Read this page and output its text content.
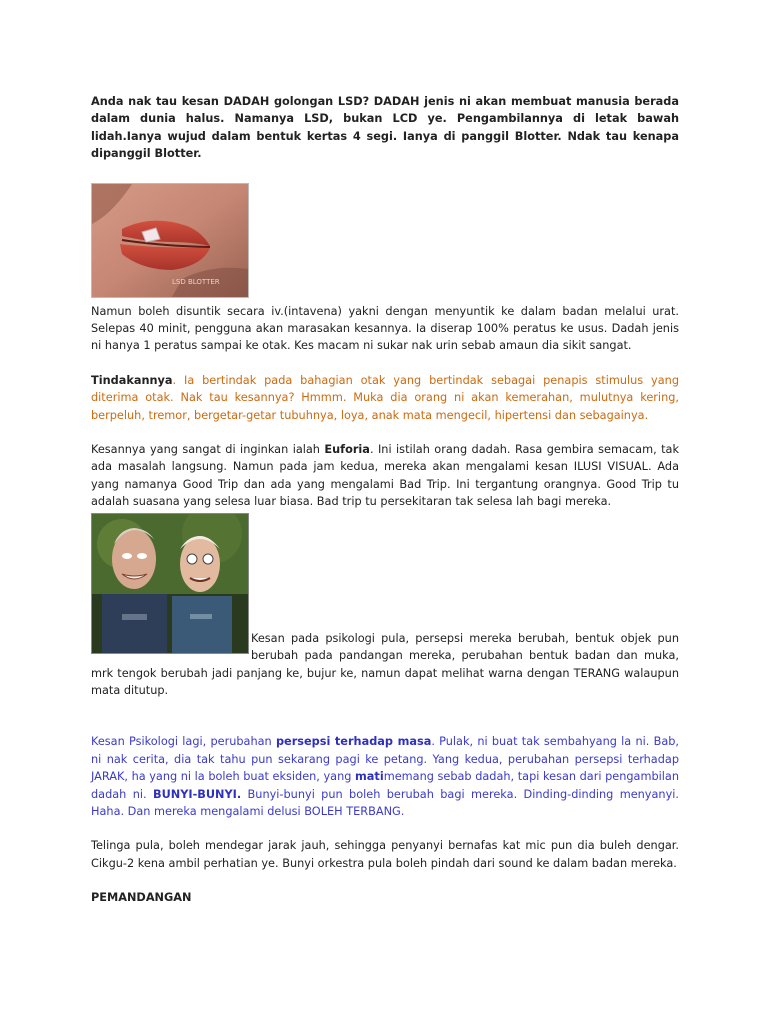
Anda nak tau kesan DADAH golongan LSD? DADAH jenis ni akan membuat manusia berada dalam dunia halus. Namanya LSD, bukan LCD ye. Pengambilannya di letak bawah lidah.Ianya wujud dalam bentuk kertas 4 segi. Ianya di panggil Blotter. Ndak tau kenapa dipanggil Blotter.

LSD BLOTTER

Namun boleh disuntik secara iv.(intavena) yakni dengan menyuntik ke dalam badan melalui urat. Selepas 40 minit, pengguna akan marasakan kesannya. Ia diserap 100% peratus ke usus. Dadah jenis ni hanya 1 peratus sampai ke otak. Kes macam ni sukar nak urin sebab amaun dia sikit sangat.

Tindakannya. Ia bertindak pada bahagian otak yang bertindak sebagai penapis stimulus yang diterima otak. Nak tau kesannya? Hmmm. Muka dia orang ni akan kemerahan, mulutnya kering, berpeluh, tremor, bergetar-getar tubuhnya, loya, anak mata mengecil, hipertensi dan sebagainya.

Kesannya yang sangat di inginkan ialah Euforia. Ini istilah orang dadah. Rasa gembira semacam, tak ada masalah langsung. Namun pada jam kedua, mereka akan mengalami kesan ILUSI VISUAL. Ada yang namanya Good Trip dan ada yang mengalami Bad Trip. Ini tergantung orangnya. Good Trip tu adalah suasana yang selesa luar biasa. Bad trip tu persekitaran tak selesa lah bagi mereka.

Kesan pada psikologi pula, persepsi mereka berubah, bentuk objek pun berubah pada pandangan mereka, perubahan bentuk badan dan muka, mrk tengok berubah jadi panjang ke, bujur ke, namun dapat melihat warna dengan TERANG walaupun mata ditutup.

Kesan Psikologi lagi, perubahan persepsi terhadap masa. Pulak, ni buat tak sembahyang la ni. Bab, ni nak cerita, dia tak tahu pun sekarang pagi ke petang. Yang kedua, perubahan persepsi terhadap JARAK, ha yang ni la boleh buat eksiden, yang matimemang sebab dadah, tapi kesan dari pengambilan dadah ni. BUNYI-BUNYI. Bunyi-bunyi pun boleh berubah bagi mereka. Dinding-dinding menyanyi. Haha. Dan mereka mengalami delusi BOLEH TERBANG.

Telinga pula, boleh mendegar jarak jauh, sehingga penyanyi bernafas kat mic pun dia buleh dengar. Cikgu-2 kena ambil perhatian ye. Bunyi orkestra pula boleh pindah dari sound ke dalam badan mereka.

PEMANDANGAN
